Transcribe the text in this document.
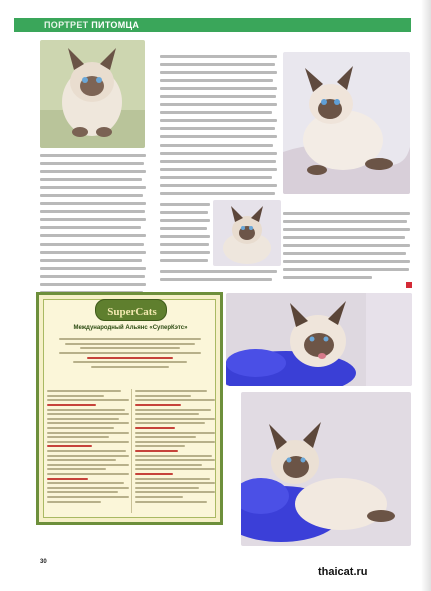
ПОРТРЕТ ПИТОМЦА
SuperCats
Международный Альянс «СуперКэтс»
30
thaicat.ru
